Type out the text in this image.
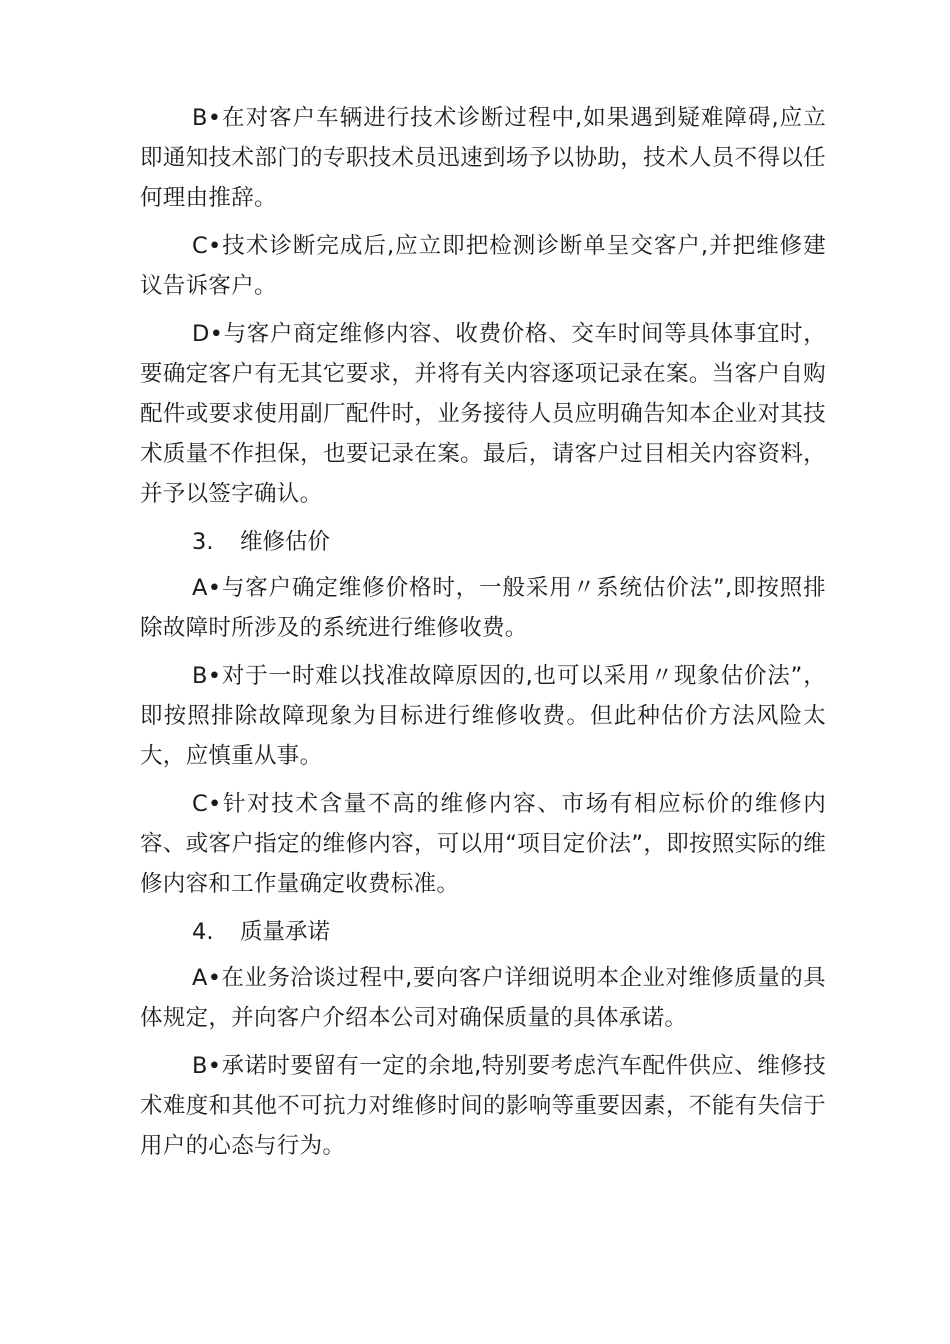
B•在对客户车辆进行技术诊断过程中,如果遇到疑难障碍,应立即通知技术部门的专职技术员迅速到场予以协助，技术人员不得以任何理由推辞。

C•技术诊断完成后,应立即把检测诊断单呈交客户,并把维修建议告诉客户。

D•与客户商定维修内容、收费价格、交车时间等具体事宜时，要确定客户有无其它要求，并将有关内容逐项记录在案。当客户自购配件或要求使用副厂配件时，业务接待人员应明确告知本企业对其技术质量不作担保，也要记录在案。最后，请客户过目相关内容资料，并予以签字确认。

3. 维修估价

A•与客户确定维修价格时，一般采用〃系统估价法”,即按照排除故障时所涉及的系统进行维修收费。

B•对于一时难以找准故障原因的,也可以采用〃现象估价法”，即按照排除故障现象为目标进行维修收费。但此种估价方法风险太大，应慎重从事。

C•针对技术含量不高的维修内容、市场有相应标价的维修内容、或客户指定的维修内容，可以用“项目定价法”，即按照实际的维修内容和工作量确定收费标准。

4. 质量承诺

A•在业务洽谈过程中,要向客户详细说明本企业对维修质量的具体规定，并向客户介绍本公司对确保质量的具体承诺。

B•承诺时要留有一定的余地,特别要考虑汽车配件供应、维修技术难度和其他不可抗力对维修时间的影响等重要因素，不能有失信于用户的心态与行为。
